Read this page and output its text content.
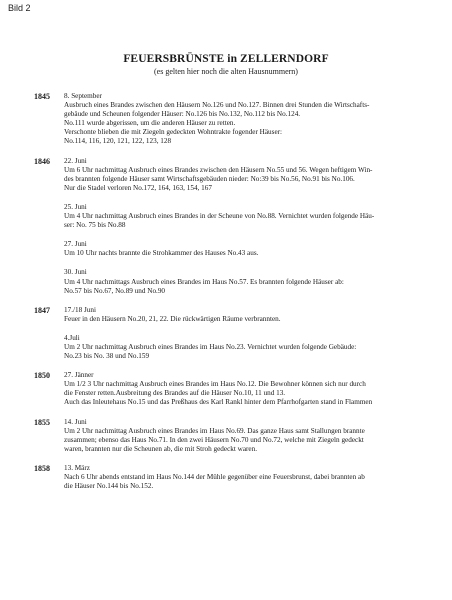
Bild 2
FEUERSBRÜNSTE in ZELLERNDORF
(es gelten hier noch die alten Hausnummern)
1845 8. September
Ausbruch eines Brandes zwischen den Häusern No.126 und No.127. Binnen drei Stunden die Wirtschafts-
gebäude und Scheunen folgender Häuser: No.126 bis No.132, No.112 bis No.124.
No.111 wurde abgerissen, um die anderen Häuser zu retten.
Verschonte blieben die mit Ziegeln gedeckten Wohntrakte fogender Häuser:
No.114, 116, 120, 121, 122, 123, 128
1846 22. Juni
Um 6 Uhr nachmittag Ausbruch eines Brandes zwischen den Häusern No.55 und 56. Wegen heftigem Win-
des brannten folgende Häuser samt Wirtschaftsgebäuden nieder: No:39 bis No.56, No.91 bis No.106.
Nur die Stadel verloren No.172, 164, 163, 154, 167
25. Juni
Um 4 Uhr nachmittag Ausbruch eines Brandes in der Scheune von No.88. Vernichtet wurden folgende Häu-
ser: No. 75 bis No.88
27. Juni
Um 10 Uhr nachts brannte die Strohkammer des Hauses No.43 aus.
30. Juni
Um 4 Uhr nachmittags Ausbruch eines Brandes im Haus No.57. Es brannten folgende Häuser ab:
No.57 bis No.67, No.89 und No.90
1847 17./18 Juni
Feuer in den Häusern No.20, 21, 22. Die rückwärtigen Räume verbrannten.
4.Juli
Um 2 Uhr nachmittag Ausbruch eines Brandes im Haus No.23. Vernichtet wurden folgende Gebäude:
No.23 bis No. 38 und No.159
1850 27. Jänner
Um 1/2 3 Uhr nachmittag Ausbruch eines Brandes im Haus No.12. Die Bewohner können sich nur durch
die Fenster retten.Ausbreitung des Brandes auf die Häuser No.10, 11 und 13.
Auch das Inleutehaus No.15 und das Preßhaus des Karl Rankl hinter dem Pfarrhofgarten stand in Flammen
1855 14. Juni
Um 2 Uhr nachmittag Ausbruch eines Brandes im Haus No.69. Das ganze Haus samt Stallungen brannte
zusammen; ebenso das Haus No.71. In den zwei Häusern No.70 und No.72, welche mit Ziegeln gedeckt
waren, brannten nur die Scheunen ab, die mit Stroh gedeckt waren.
1858 13. März
Nach 6 Uhr abends entstand im Haus No.144 der Mühle gegenüber eine Feuersbrunst, dabei brannten ab
die Häuser No.144 bis No.152.
